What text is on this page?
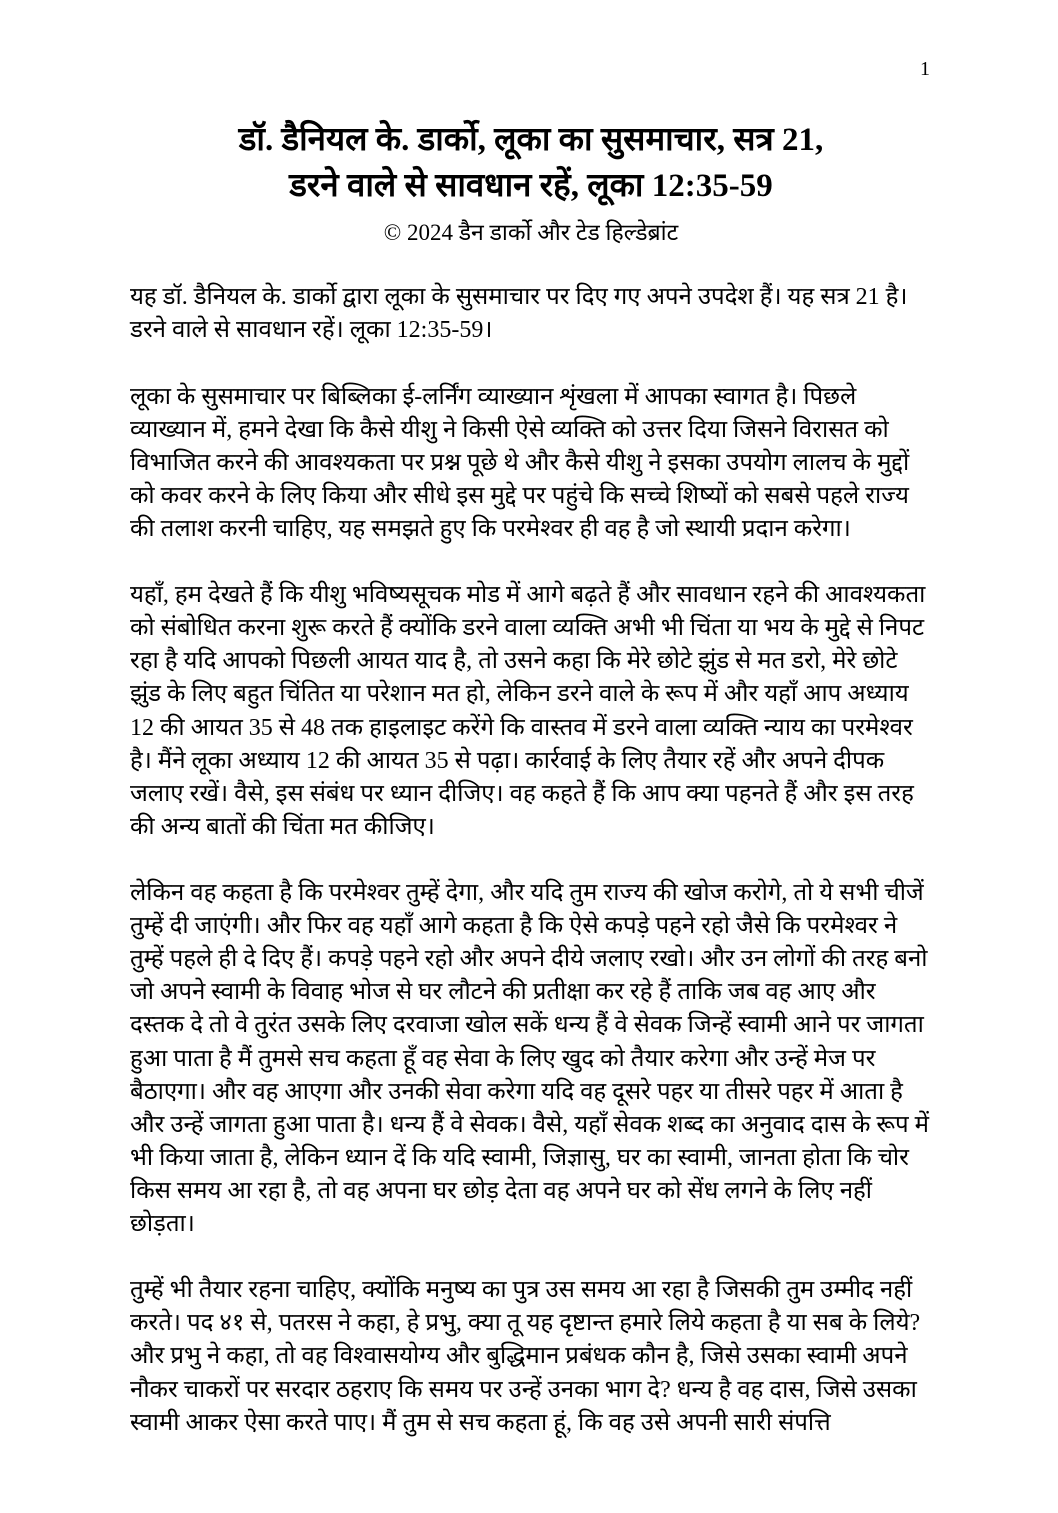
1
डॉ. डैनियल के. डार्को, लूका का सुसमाचार, सत्र 21,
डरने वाले से सावधान रहें, लूका 12:35-59
© 2024 डैन डार्को और टेड हिल्डेब्रांट

यह डॉ. डैनियल के. डार्को द्वारा लूका के सुसमाचार पर दिए गए अपने उपदेश हैं। यह सत्र 21 है। डरने वाले से सावधान रहें। लूका 12:35-59।

लूका के सुसमाचार पर बिब्लिका ई-लर्निंग व्याख्यान शृंखला में आपका स्वागत है। पिछले व्याख्यान में, हमने देखा कि कैसे यीशु ने किसी ऐसे व्यक्ति को उत्तर दिया जिसने विरासत को विभाजित करने की आवश्यकता पर प्रश्न पूछे थे और कैसे यीशु ने इसका उपयोग लालच के मुद्दों को कवर करने के लिए किया और सीधे इस मुद्दे पर पहुंचे कि सच्चे शिष्यों को सबसे पहले राज्य की तलाश करनी चाहिए, यह समझते हुए कि परमेश्वर ही वह है जो स्थायी प्रदान करेगा।

यहाँ, हम देखते हैं कि यीशु भविष्यसूचक मोड में आगे बढ़ते हैं और सावधान रहने की आवश्यकता को संबोधित करना शुरू करते हैं क्योंकि डरने वाला व्यक्ति अभी भी चिंता या भय के मुद्दे से निपट रहा है यदि आपको पिछली आयत याद है, तो उसने कहा कि मेरे छोटे झुंड से मत डरो, मेरे छोटे झुंड के लिए बहुत चिंतित या परेशान मत हो, लेकिन डरने वाले के रूप में और यहाँ आप अध्याय 12 की आयत 35 से 48 तक हाइलाइट करेंगे कि वास्तव में डरने वाला व्यक्ति न्याय का परमेश्वर है। मैंने लूका अध्याय 12 की आयत 35 से पढ़ा। कार्रवाई के लिए तैयार रहें और अपने दीपक जलाए रखें। वैसे, इस संबंध पर ध्यान दीजिए। वह कहते हैं कि आप क्या पहनते हैं और इस तरह की अन्य बातों की चिंता मत कीजिए।

लेकिन वह कहता है कि परमेश्वर तुम्हें देगा, और यदि तुम राज्य की खोज करोगे, तो ये सभी चीजें तुम्हें दी जाएंगी। और फिर वह यहाँ आगे कहता है कि ऐसे कपड़े पहने रहो जैसे कि परमेश्वर ने तुम्हें पहले ही दे दिए हैं। कपड़े पहने रहो और अपने दीये जलाए रखो। और उन लोगों की तरह बनो जो अपने स्वामी के विवाह भोज से घर लौटने की प्रतीक्षा कर रहे हैं ताकि जब वह आए और दस्तक दे तो वे तुरंत उसके लिए दरवाजा खोल सकें धन्य हैं वे सेवक जिन्हें स्वामी आने पर जागता हुआ पाता है मैं तुमसे सच कहता हूँ वह सेवा के लिए खुद को तैयार करेगा और उन्हें मेज पर बैठाएगा। और वह आएगा और उनकी सेवा करेगा यदि वह दूसरे पहर या तीसरे पहर में आता है और उन्हें जागता हुआ पाता है। धन्य हैं वे सेवक। वैसे, यहाँ सेवक शब्द का अनुवाद दास के रूप में भी किया जाता है, लेकिन ध्यान दें कि यदि स्वामी, जिज्ञासु, घर का स्वामी, जानता होता कि चोर किस समय आ रहा है, तो वह अपना घर छोड़ देता वह अपने घर को सेंध लगने के लिए नहीं छोड़ता।

तुम्हें भी तैयार रहना चाहिए, क्योंकि मनुष्य का पुत्र उस समय आ रहा है जिसकी तुम उम्मीद नहीं करते। पद ४१ से, पतरस ने कहा, हे प्रभु, क्या तू यह दृष्टान्त हमारे लिये कहता है या सब के लिये? और प्रभु ने कहा, तो वह विश्वासयोग्य और बुद्धिमान प्रबंधक कौन है, जिसे उसका स्वामी अपने नौकर चाकरों पर सरदार ठहराए कि समय पर उन्हें उनका भाग दे? धन्य है वह दास, जिसे उसका स्वामी आकर ऐसा करते पाए। मैं तुम से सच कहता हूं, कि वह उसे अपनी सारी संपत्ति
